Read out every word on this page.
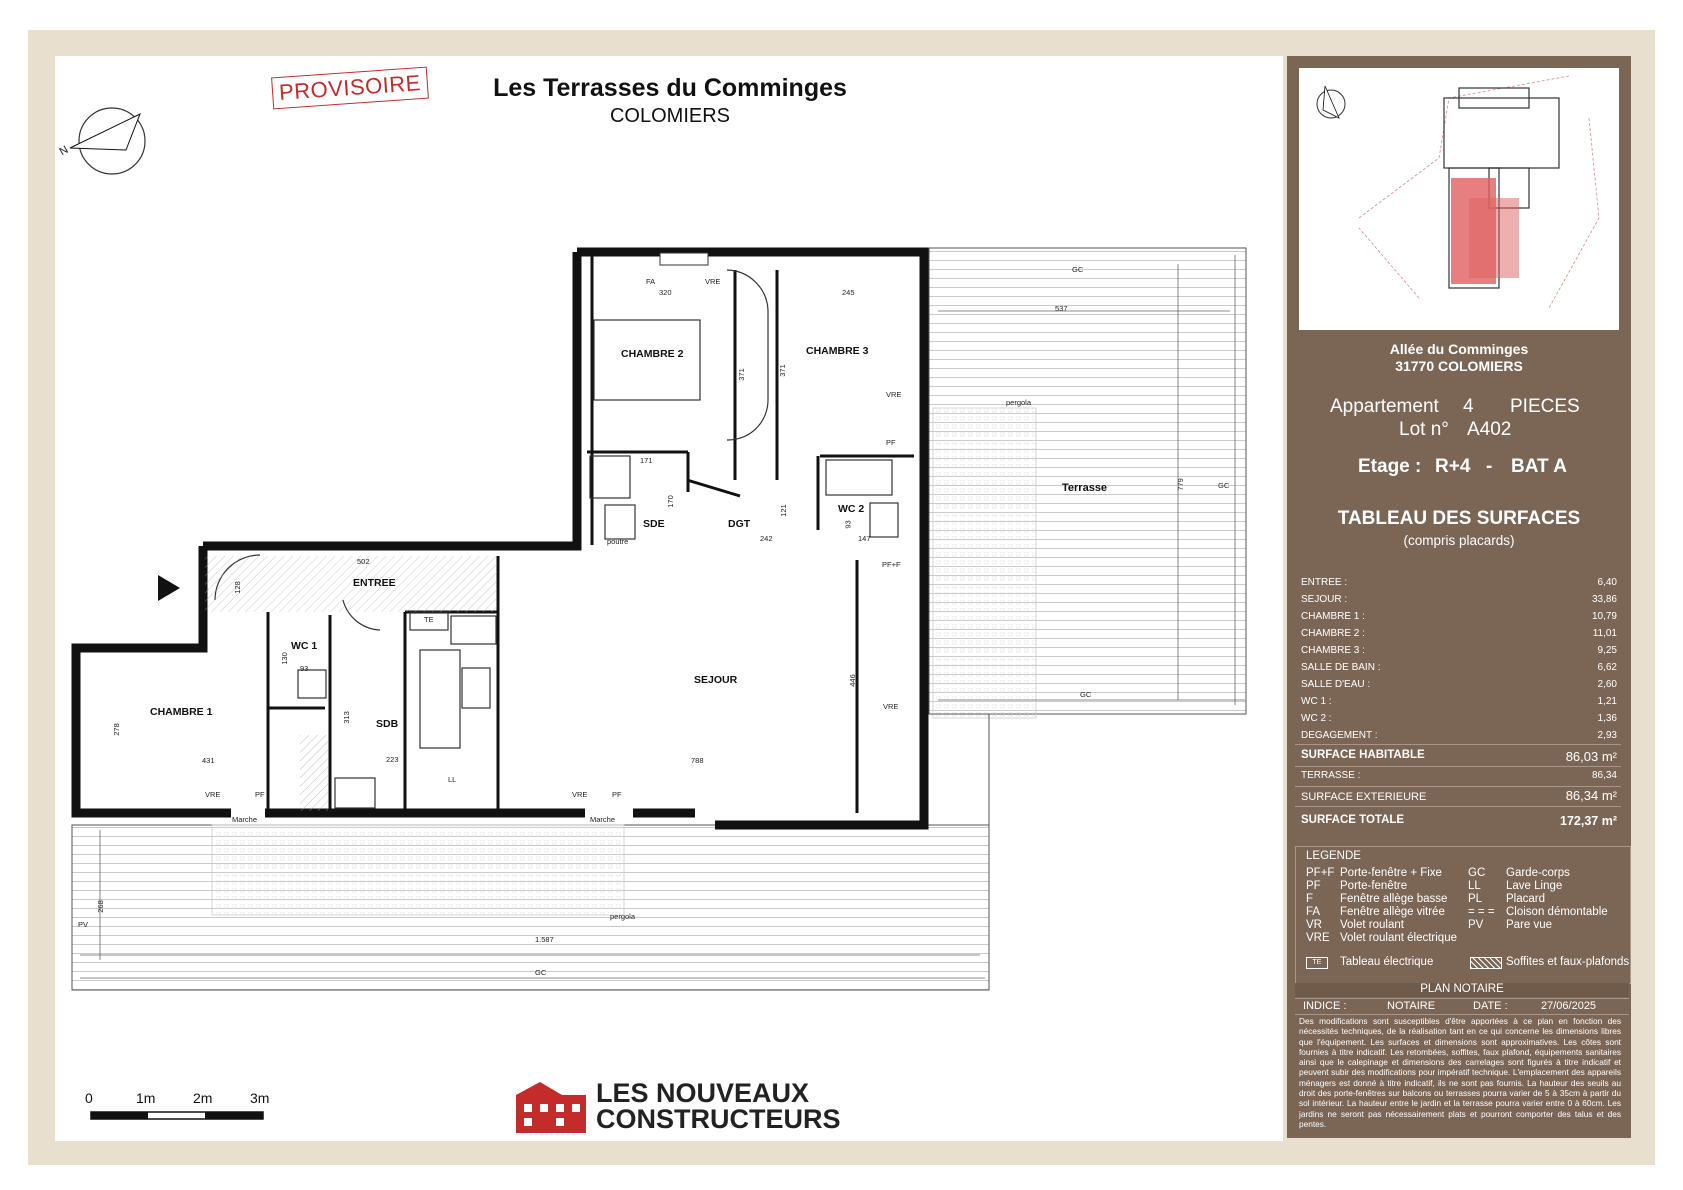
PROVISOIRE	Les Terrasses du Comminges
COLOMIERS
N
CHAMBRE 2	CHAMBRE 3
SDE	DGT
WC 2
ENTREE
WC 1
SDB
SEJOUR
CHAMBRE 1
Terrasse
FA	VRE
VRE
PF
PF+F
VRE
VRE	PF	VRE	PF
Marche	Marche
pergola
pergola
GC
GC
GC
GC
PV
LL
TE
poutre
320	245
537
371	371
171
170
121
93
242	147
502
128
130
93
313
223
446
779
278
431	788
268
1.587
0	1m	2m	3m	LES NOUVEAUX
CONSTRUCTEURS
Allée du Comminges
31770 COLOMIERS
Appartement 4 PIECES
Lot n° A402
Etage : R+4 - BAT A
TABLEAU DES SURFACES
(compris placards)
ENTREE :	6,40
SEJOUR :	33,86
CHAMBRE 1 :	10,79
CHAMBRE 2 :	11,01
CHAMBRE 3 :	9,25
SALLE DE BAIN :	6,62
SALLE D'EAU :	2,60
WC 1 :	1,21
WC 2 :	1,36
DEGAGEMENT :	2,93
SURFACE HABITABLE	86,03 m²
TERRASSE :	86,34
SURFACE EXTERIEURE	86,34 m²
SURFACE TOTALE	172,37 m²
LEGENDE
PF+F Porte-fenêtre + Fixe
PF Porte-fenêtre
F Fenêtre allège basse
FA Fenêtre allège vitrée
VR Volet roulant
VRE Volet roulant électrique
GC Garde-corps
LL Lave Linge
PL Placard
= = = Cloison démontable
PV Pare vue
TE	Tableau électrique	Soffites et faux-plafonds
PLAN NOTAIRE
INDICE :	NOTAIRE	DATE :	27/06/2025
Des modifications sont susceptibles d'être apportées à ce plan en fonction des nécessités techniques, de la réalisation tant en ce qui concerne les dimensions libres que l'équipement. Les surfaces et dimensions sont approximatives. Les côtes sont fournies à titre indicatif. Les retombées, soffites, faux plafond, équipements sanitaires ainsi que le calepinage et dimensions des carrelages sont figurés à titre indicatif et peuvent subir des modifications pour impératif technique. L'emplacement des appareils ménagers est donné à titre indicatif, ils ne sont pas fournis. La hauteur des seuils au droit des porte-fenêtres sur balcons ou terrasses pourra varier de 5 à 35cm à partir du sol intérieur. La hauteur entre le jardin et la terrasse pourra varier entre 0 à 60cm. Les jardins ne seront pas nécessairement plats et pourront comporter des talus et des pentes.
